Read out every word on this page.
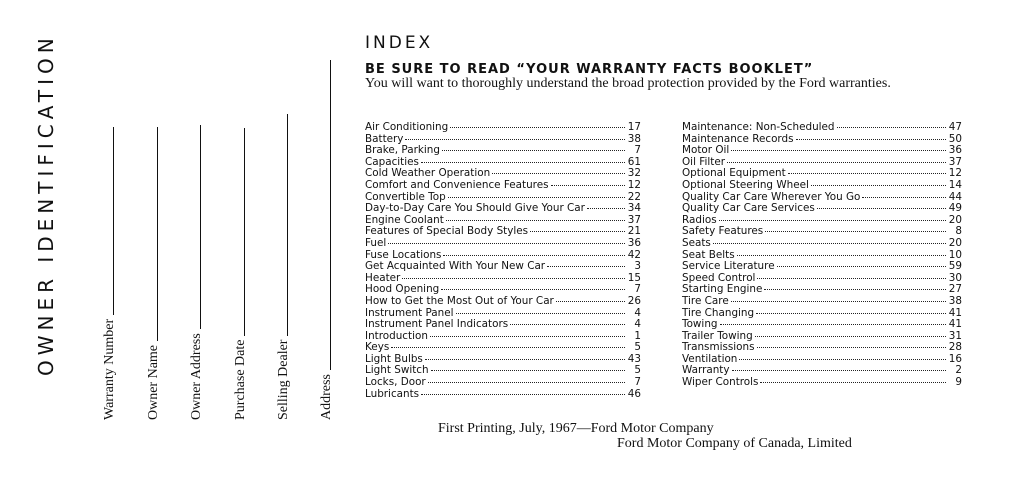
OWNER IDENTIFICATION	Warranty Number Owner Name Owner Address Purchase Date Selling Dealer Address
INDEX
BE SURE TO READ “YOUR WARRANTY FACTS BOOKLET”
You will want to thoroughly understand the broad protection provided by the Ford warranties.
Air Conditioning	17
Battery	38
Brake, Parking	7
Capacities	61
Cold Weather Operation	32
Comfort and Convenience Features	12
Convertible Top	22
Day-to-Day Care You Should Give Your Car	34
Engine Coolant	37
Features of Special Body Styles	21
Fuel	36
Fuse Locations	42
Get Acquainted With Your New Car	3
Heater	15
Hood Opening	7
How to Get the Most Out of Your Car	26
Instrument Panel	4
Instrument Panel Indicators	4
Introduction	1
Keys	5
Light Bulbs	43
Light Switch	5
Locks, Door	7
Lubricants	46
Maintenance: Non-Scheduled	47
Maintenance Records	50
Motor Oil	36
Oil Filter	37
Optional Equipment	12
Optional Steering Wheel	14
Quality Car Care Wherever You Go	44
Quality Car Care Services	49
Radios	20
Safety Features	8
Seats	20
Seat Belts	10
Service Literature	59
Speed Control	30
Starting Engine	27
Tire Care	38
Tire Changing	41
Towing	41
Trailer Towing	31
Transmissions	28
Ventilation	16
Warranty	2
Wiper Controls	9
First Printing, July, 1967—Ford Motor Company
Ford Motor Company of Canada, Limited
